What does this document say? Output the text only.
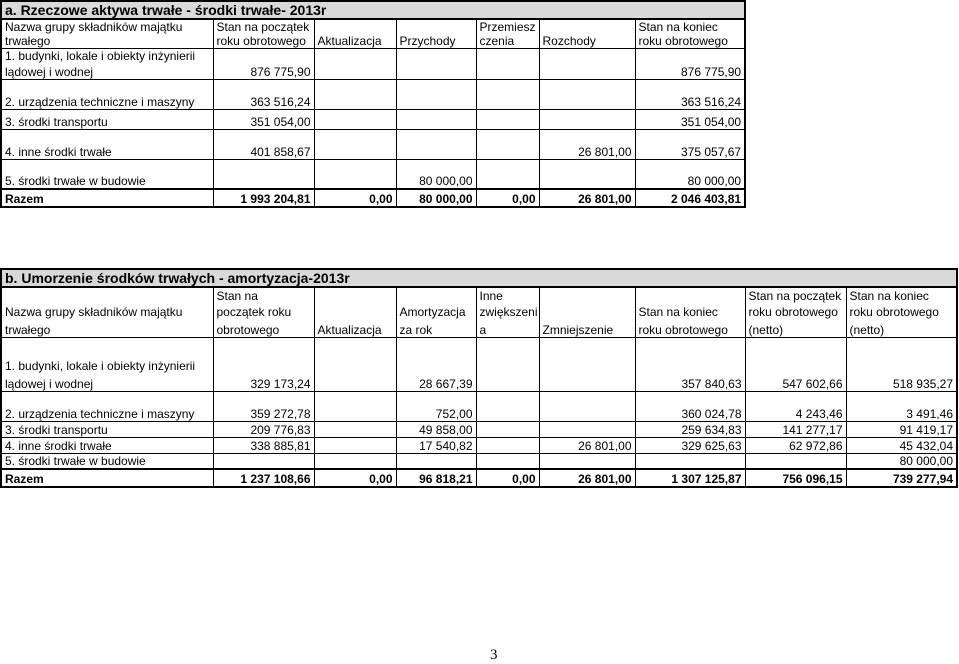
a. Rzeczowe aktywa trwałe - środki trwałe- 2013r						
Nazwa grupy składników majątku	Stan na początek			Przemiesz		Stan na koniec
trwałego	roku obrotowego	Aktualizacja	Przychody	czenia	Rozchody	roku obrotowego
1. budynki, lokale i obiekty inżynierii						
lądowej i wodnej	876 775,90					876 775,90
2. urządzenia techniczne i maszyny	363 516,24					363 516,24
3. środki transportu	351 054,00					351 054,00
4. inne środki trwałe	401 858,67				26 801,00	375 057,67
5. środki trwałe w budowie			80 000,00			80 000,00
Razem	1 993 204,81	0,00	80 000,00	0,00	26 801,00	2 046 403,81
b. Umorzenie środków trwałych - amortyzacja-2013r								
	Stan na			Inne			Stan na początek	Stan na koniec
Nazwa grupy składników majątku	początek roku		Amortyzacja	zwiększeni		Stan na koniec	roku obrotowego	roku obrotowego
trwałego	obrotowego	Aktualizacja	za rok	a	Zmniejszenie	roku obrotowego	(netto)	(netto)
1. budynki, lokale i obiekty inżynierii								
lądowej i wodnej	329 173,24		28 667,39			357 840,63	547 602,66	518 935,27
2. urządzenia techniczne i maszyny	359 272,78		752,00			360 024,78	4 243,46	3 491,46
3. środki transportu	209 776,83		49 858,00			259 634,83	141 277,17	91 419,17
4. inne środki trwałe	338 885,81		17 540,82		26 801,00	329 625,63	62 972,86	45 432,04
5. środki trwałe w budowie								80 000,00
Razem	1 237 108,66	0,00	96 818,21	0,00	26 801,00	1 307 125,87	756 096,15	739 277,94
3
